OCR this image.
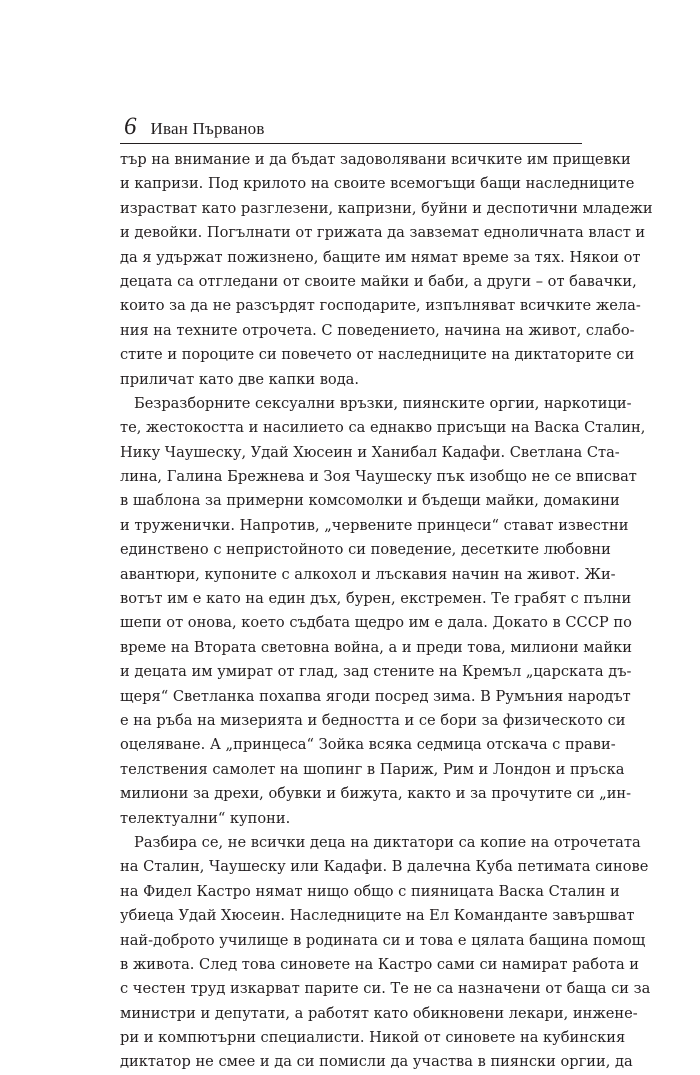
6 Иван Първанов
тър на внимание и да бъдат задоволявани всичките им прищевки
и капризи. Под крилото на своите всемогъщи бащи наследниците
израстват като разглезени, капризни, буйни и деспотични младежи
и девойки. Погълнати от грижата да завземат едноличната власт и
да я удържат пожизнено, бащите им нямат време за тях. Някои от
децата са отгледани от своите майки и баби, а други – от бавачки,
които за да не разсърдят господарите, изпълняват всичките жела-
ния на техните отрочета. С поведението, начина на живот, слабо-
стите и пороците си повечето от наследниците на диктаторите си
приличат като две капки вода.
Безразборните сексуални връзки, пиянските оргии, наркотици-
те, жестокостта и насилието са еднакво присъщи на Васка Сталин,
Нику Чаушеску, Удай Хюсеин и Ханибал Кадафи. Светлана Ста-
лина, Галина Брежнева и Зоя Чаушеску пък изобщо не се вписват
в шаблона за примерни комсомолки и бъдещи майки, домакини
и труженички. Напротив, „червените принцеси“ стават известни
единствено с непристойното си поведение, десетките любовни
авантюри, купоните с алкохол и лъскавия начин на живот. Жи-
вотът им е като на един дъх, бурен, екстремен. Те грабят с пълни
шепи от онова, което съдбата щедро им е дала. Докато в СССР по
време на Втората световна война, а и преди това, милиони майки
и децата им умират от глад, зад стените на Кремъл „царската дъ-
щеря“ Светланка похапва ягоди посред зима. В Румъния народът
е на ръба на мизерията и бедността и се бори за физическото си
оцеляване. А „принцеса“ Зойка всяка седмица отскача с прави-
телствения самолет на шопинг в Париж, Рим и Лондон и пръска
милиони за дрехи, обувки и бижута, както и за прочутите си „ин-
телектуални“ купони.
Разбира се, не всички деца на диктатори са копие на отрочетата
на Сталин, Чаушеску или Кадафи. В далечна Куба петимата синове
на Фидел Кастро нямат нищо общо с пияницата Васка Сталин и
убиеца Удай Хюсеин. Наследниците на Ел Команданте завършват
най-доброто училище в родината си и това е цялата бащина помощ
в живота. След това синовете на Кастро сами си намират работа и
с честен труд изкарват парите си. Те не са назначени от баща си за
министри и депутати, а работят като обикновени лекари, инжене-
ри и компютърни специалисти. Никой от синовете на кубинския
диктатор не смее и да си помисли да участва в пиянски оргии, да
